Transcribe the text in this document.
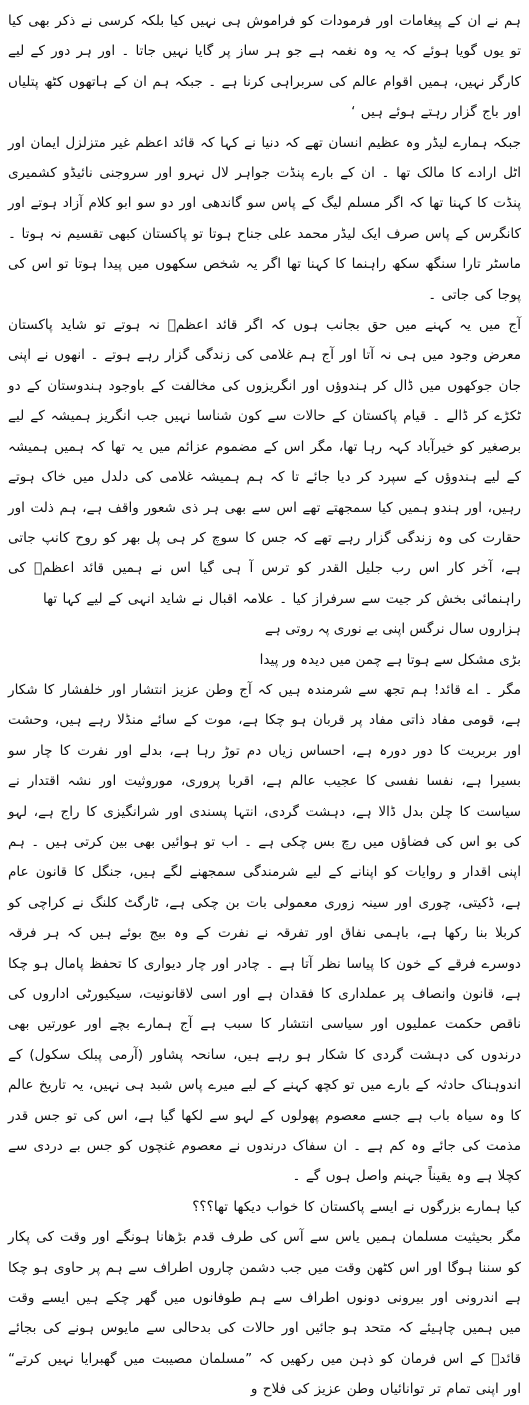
ہم نے ان کے پیغامات اور فرمودات کو فراموش ہی نہیں کیا بلکہ کرسی نے ذکر بھی کیا تو یوں گویا ہوئے کہ یہ وہ نغمہ ہے جو ہر ساز پر گایا نہیں جاتا ۔ اور ہر دور کے لیے کارگر نہیں، ہمیں اقوام عالم کی سربراہی کرنا ہے ۔ جبکہ ہم ان کے ہاتھوں کٹھ پتلیاں اور باج گزار رہتے ہوئے ہیں ‘

جبکہ ہمارے لیڈر وہ عظیم انسان تھے کہ دنیا نے کہا کہ قائد اعظم غیر متزلزل ایمان اور اٹل ارادے کا مالک تھا ۔ ان کے بارے پنڈت جواہر لال نہرو اور سروجنی نائیڈو کشمیری پنڈت کا کہنا تھا کہ اگر مسلم لیگ کے پاس سو گاندھی اور دو سو ابو کلام آزاد ہوتے اور کانگرس کے پاس صرف ایک لیڈر محمد علی جناح ہوتا تو پاکستان کبھی تقسیم نہ ہوتا ۔ ماسٹر تارا سنگھ سکھ راہنما کا کہنا تھا اگر یہ شخص سکھوں میں پیدا ہوتا تو اس کی پوجا کی جاتی ۔

آج میں یہ کہنے میں حق بجانب ہوں کہ اگر قائد اعظمؒ نہ ہوتے تو شاید پاکستان معرض وجود میں ہی نہ آتا اور آج ہم غلامی کی زندگی گزار رہے ہوتے ۔ انھوں نے اپنی جان جوکھوں میں ڈال کر ہندوؤں اور انگریزوں کی مخالفت کے باوجود ہندوستان کے دو ٹکڑے کر ڈالے ۔ قیام پاکستان کے حالات سے کون شناسا نہیں جب انگریز ہمیشہ کے لیے برصغیر کو خیرآباد کہہ رہا تھا، مگر اس کے مضموم عزائم میں یہ تھا کہ ہمیں ہمیشہ کے لیے ہندوؤں کے سپرد کر دیا جائے تا کہ ہم ہمیشہ غلامی کی دلدل میں خاک ہوتے رہیں، اور ہندو ہمیں کیا سمجھتے تھے اس سے بھی ہر ذی شعور واقف ہے، ہم ذلت اور حقارت کی وہ زندگی گزار رہے تھے کہ جس کا سوچ کر ہی پل بھر کو روح کانپ جاتی ہے، آخر کار اس رب جلیل القدر کو ترس آ ہی گیا اس نے ہمیں قائد اعظمؒ کی راہنمائی بخش کر جیت سے سرفراز کیا ۔ علامہ اقبال نے شاید انہی کے لیے کہا تھا

ہزاروں سال نرگس اپنی بے نوری پہ روتی ہے

بڑی مشکل سے ہوتا ہے چمن میں دیدہ ور پیدا

مگر ۔ اے قائد! ہم تجھ سے شرمندہ ہیں کہ آج وطن عزیز انتشار اور خلفشار کا شکار ہے، قومی مفاد ذاتی مفاد پر قربان ہو چکا ہے، موت کے سائے منڈلا رہے ہیں، وحشت اور بربریت کا دور دورہ ہے، احساس زیاں دم توڑ رہا ہے، بدلے اور نفرت کا چار سو بسیرا ہے، نفسا نفسی کا عجیب عالم ہے، اقربا پروری، موروثیت اور نشہ اقتدار نے سیاست کا چلن بدل ڈالا ہے، دہشت گردی، انتہا پسندی اور شرانگیزی کا راج ہے، لہو کی بو اس کی فضاؤں میں رچ بس چکی ہے ۔ اب تو ہوائیں بھی بین کرتی ہیں ۔ ہم اپنی اقدار و روایات کو اپنانے کے لیے شرمندگی سمجھنے لگے ہیں، جنگل کا قانون عام ہے، ڈکیتی، چوری اور سینہ زوری معمولی بات بن چکی ہے، ٹارگٹ کلنگ نے کراچی کو کربلا بنا رکھا ہے، باہمی نفاق اور تفرقہ نے نفرت کے وہ بیج بوئے ہیں کہ ہر فرقہ دوسرے فرقے کے خون کا پیاسا نظر آتا ہے ۔ چادر اور چار دیواری کا تحفظ پامال ہو چکا ہے، قانون وانصاف پر عملداری کا فقدان ہے اور اسی لاقانونیت، سیکیورٹی اداروں کی ناقص حکمت عملیوں اور سیاسی انتشار کا سبب ہے آج ہمارے بچے اور عورتیں بھی درندوں کی دہشت گردی کا شکار ہو رہے ہیں، سانحہ پشاور (آرمی پبلک سکول) کے اندوہناک حادثہ کے بارے میں تو کچھ کہنے کے لیے میرے پاس شبد ہی نہیں، یہ تاریخ عالم کا وہ سیاہ باب ہے جسے معصوم پھولوں کے لہو سے لکھا گیا ہے، اس کی تو جس قدر مذمت کی جائے وہ کم ہے ۔ ان سفاک درندوں نے معصوم غنچوں کو جس بے دردی سے کچلا ہے وہ یقیناً جہنم واصل ہوں گے ۔

کیا ہمارے بزرگوں نے ایسے پاکستان کا خواب دیکھا تھا؟؟؟

مگر بحیثیت مسلمان ہمیں یاس سے آس کی طرف قدم بڑھانا ہونگے اور وقت کی پکار کو سننا ہوگا اور اس کٹھن وقت میں جب دشمن چاروں اطراف سے ہم پر حاوی ہو چکا ہے اندرونی اور بیرونی دونوں اطراف سے ہم طوفانوں میں گھر چکے ہیں ایسے وقت میں ہمیں چاہیئے کہ متحد ہو جائیں اور حالات کی بدحالی سے مایوس ہونے کی بجائے قائدؒ کے اس فرمان کو ذہن میں رکھیں کہ ”مسلمان مصیبت میں گھبرایا نہیں کرتے“ اور اپنی تمام تر توانائیاں وطن عزیز کی فلاح و
